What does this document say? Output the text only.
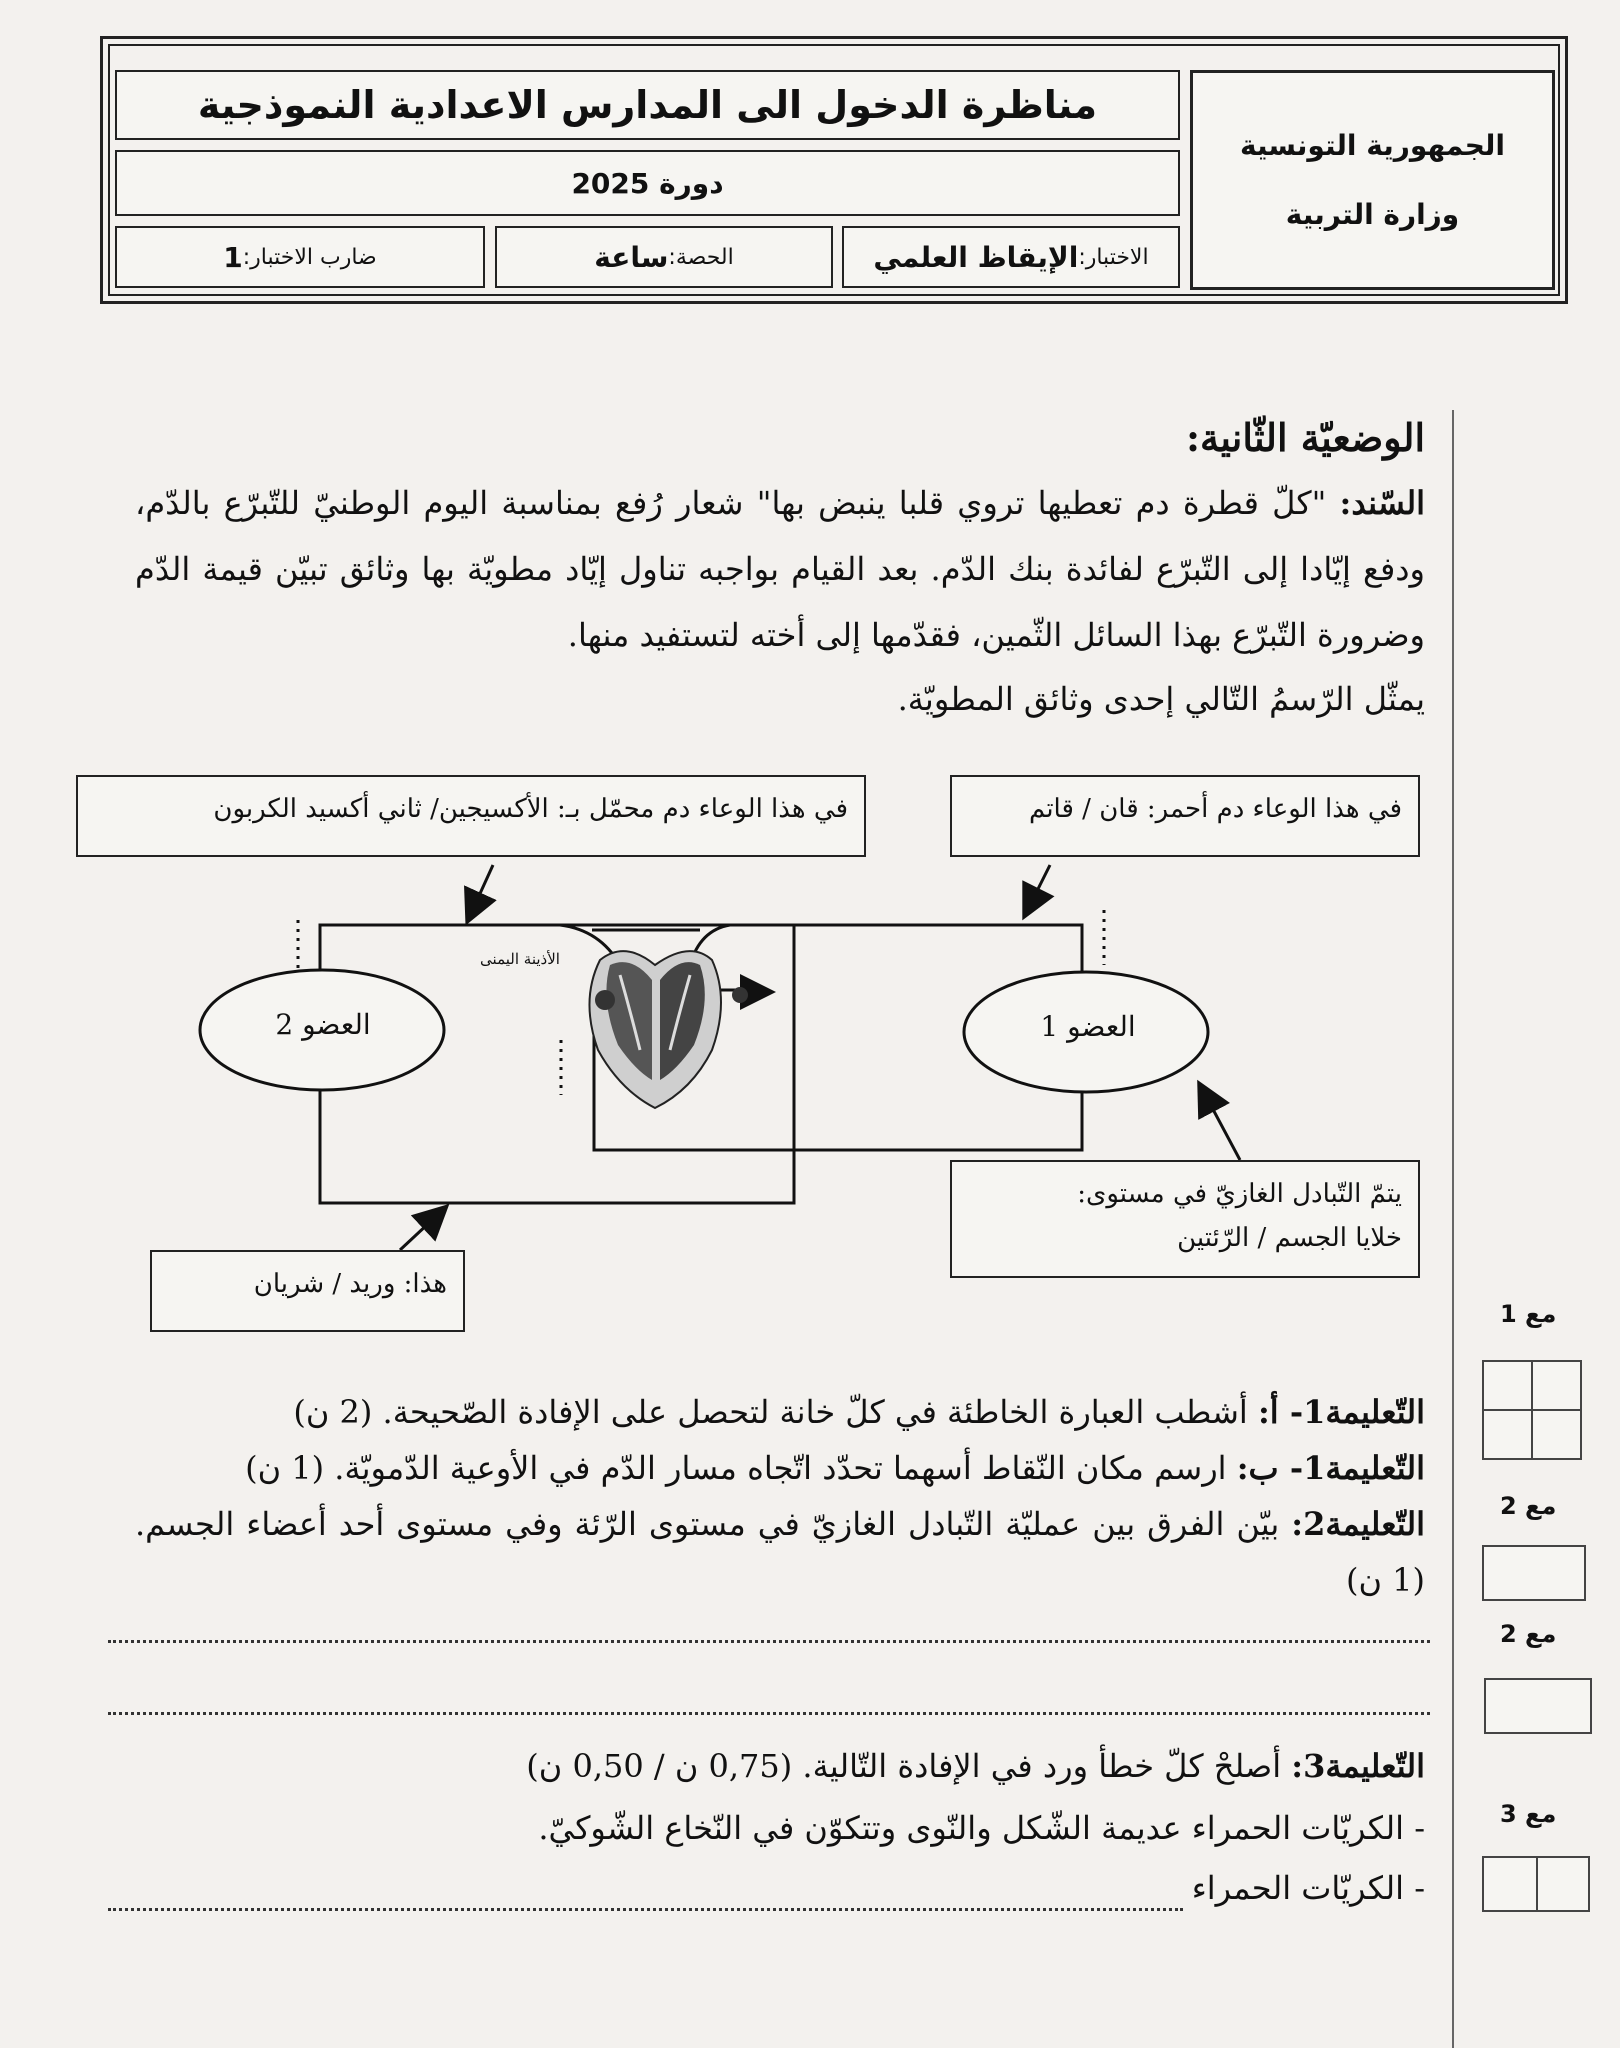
الجمهورية التونسية
وزارة التربية
مناظرة الدخول الى المدارس الاعدادية النموذجية
دورة 2025
الاختبار:
الإيقاظ العلمي
الحصة:
ساعة
ضارب الاختبار:
1
الوضعيّة الثّانية:
السّند: "كلّ قطرة دم تعطيها تروي قلبا ينبض بها" شعار رُفع بمناسبة اليوم الوطنيّ للتّبرّع بالدّم، ودفع إيّادا إلى التّبرّع لفائدة بنك الدّم. بعد القيام بواجبه تناول إيّاد مطويّة بها وثائق تبيّن قيمة الدّم وضرورة التّبرّع بهذا السائل الثّمين، فقدّمها إلى أخته لتستفيد منها.
يمثّل الرّسمُ التّالي إحدى وثائق المطويّة.
العضو 2	العضو 1
الأذينة اليمنى
في هذا الوعاء دم محمّل بـ: الأكسيجين/ ثاني أكسيد الكربون	في هذا الوعاء دم أحمر: قان / قاتم
هذا: وريد / شريان
يتمّ التّبادل الغازيّ في مستوى:
خلايا الجسم / الرّئتين
التّعليمة1- أ: أشطب العبارة الخاطئة في كلّ خانة لتحصل على الإفادة الصّحيحة. (2 ن)
التّعليمة1- ب: ارسم مكان النّقاط أسهما تحدّد اتّجاه مسار الدّم في الأوعية الدّمويّة. (1 ن)
التّعليمة2: بيّن الفرق بين عمليّة التّبادل الغازيّ في مستوى الرّئة وفي مستوى أحد أعضاء الجسم.(1 ن)
التّعليمة3: أصلحْ كلّ خطأ ورد في الإفادة التّالية. (0,75 ن / 0,50 ن)
- الكريّات الحمراء عديمة الشّكل والنّوى وتتكوّن في النّخاع الشّوكيّ.
- الكريّات الحمراء
مع 1
مع 2
مع 2
مع 3
